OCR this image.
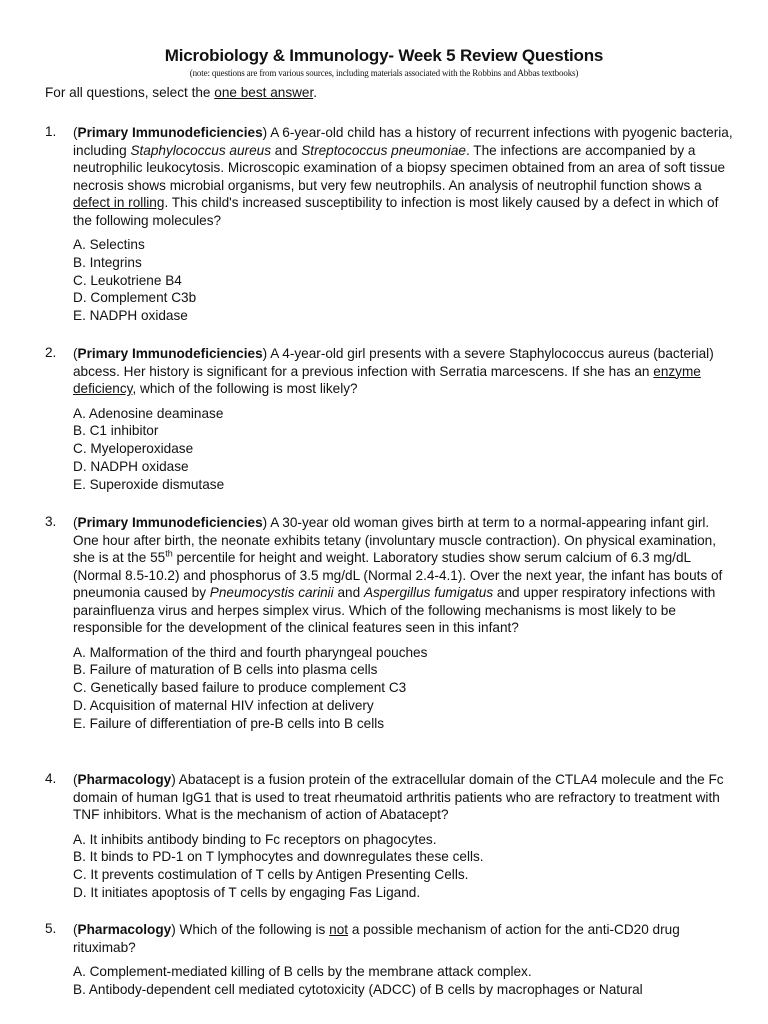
Microbiology & Immunology- Week 5 Review Questions
(note: questions are from various sources, including materials associated with the Robbins and Abbas textbooks)
For all questions, select the one best answer.
1. (Primary Immunodeficiencies) A 6-year-old child has a history of recurrent infections with pyogenic bacteria, including Staphylococcus aureus and Streptococcus pneumoniae. The infections are accompanied by a neutrophilic leukocytosis. Microscopic examination of a biopsy specimen obtained from an area of soft tissue necrosis shows microbial organisms, but very few neutrophils. An analysis of neutrophil function shows a defect in rolling. This child's increased susceptibility to infection is most likely caused by a defect in which of the following molecules?
A. Selectins
B. Integrins
C. Leukotriene B4
D. Complement C3b
E. NADPH oxidase
2. (Primary Immunodeficiencies) A 4-year-old girl presents with a severe Staphylococcus aureus (bacterial) abcess. Her history is significant for a previous infection with Serratia marcescens. If she has an enzyme deficiency, which of the following is most likely?
A. Adenosine deaminase
B. C1 inhibitor
C. Myeloperoxidase
D. NADPH oxidase
E. Superoxide dismutase
3. (Primary Immunodeficiencies) A 30-year old woman gives birth at term to a normal-appearing infant girl. One hour after birth, the neonate exhibits tetany (involuntary muscle contraction). On physical examination, she is at the 55th percentile for height and weight. Laboratory studies show serum calcium of 6.3 mg/dL (Normal 8.5-10.2) and phosphorus of 3.5 mg/dL (Normal 2.4-4.1). Over the next year, the infant has bouts of pneumonia caused by Pneumocystis carinii and Aspergillus fumigatus and upper respiratory infections with parainfluenza virus and herpes simplex virus. Which of the following mechanisms is most likely to be responsible for the development of the clinical features seen in this infant?
A. Malformation of the third and fourth pharyngeal pouches
B. Failure of maturation of B cells into plasma cells
C. Genetically based failure to produce complement C3
D. Acquisition of maternal HIV infection at delivery
E. Failure of differentiation of pre-B cells into B cells
4. (Pharmacology) Abatacept is a fusion protein of the extracellular domain of the CTLA4 molecule and the Fc domain of human IgG1 that is used to treat rheumatoid arthritis patients who are refractory to treatment with TNF inhibitors. What is the mechanism of action of Abatacept?
A. It inhibits antibody binding to Fc receptors on phagocytes.
B. It binds to PD-1 on T lymphocytes and downregulates these cells.
C. It prevents costimulation of T cells by Antigen Presenting Cells.
D. It initiates apoptosis of T cells by engaging Fas Ligand.
5. (Pharmacology) Which of the following is not a possible mechanism of action for the anti-CD20 drug rituximab?
A. Complement-mediated killing of B cells by the membrane attack complex.
B. Antibody-dependent cell mediated cytotoxicity (ADCC) of B cells by macrophages or Natural
